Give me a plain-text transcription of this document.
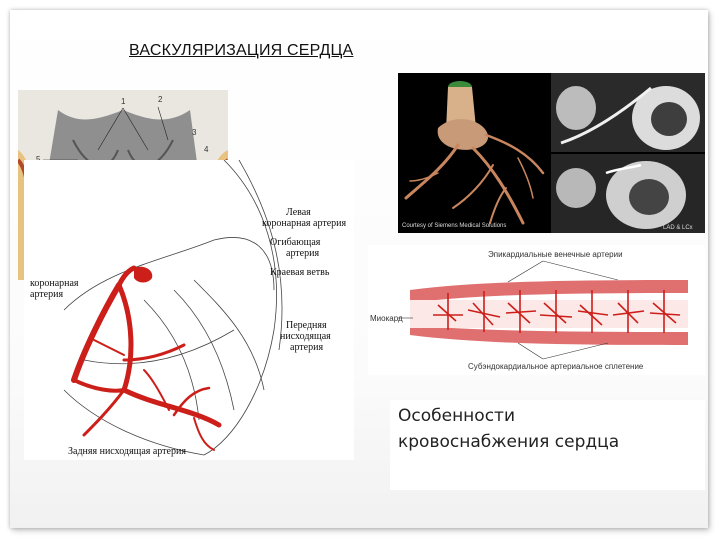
ВАСКУЛЯРИЗАЦИЯ СЕРДЦА
1	2
3
4
Левая
коронарная артерия
Огибающая
артерия
Краевая ветвь
коронарная
артерия
Передняя
нисходящая
артерия
Задняя нисходящая артерия
Courtesy of Siemens Medical Solutions	LAD & LCx
Эпикардиальные венечные артерии
Миокард
Субэндокардиальное артериальное сплетение
Особенности
кровоснабжения сердца
